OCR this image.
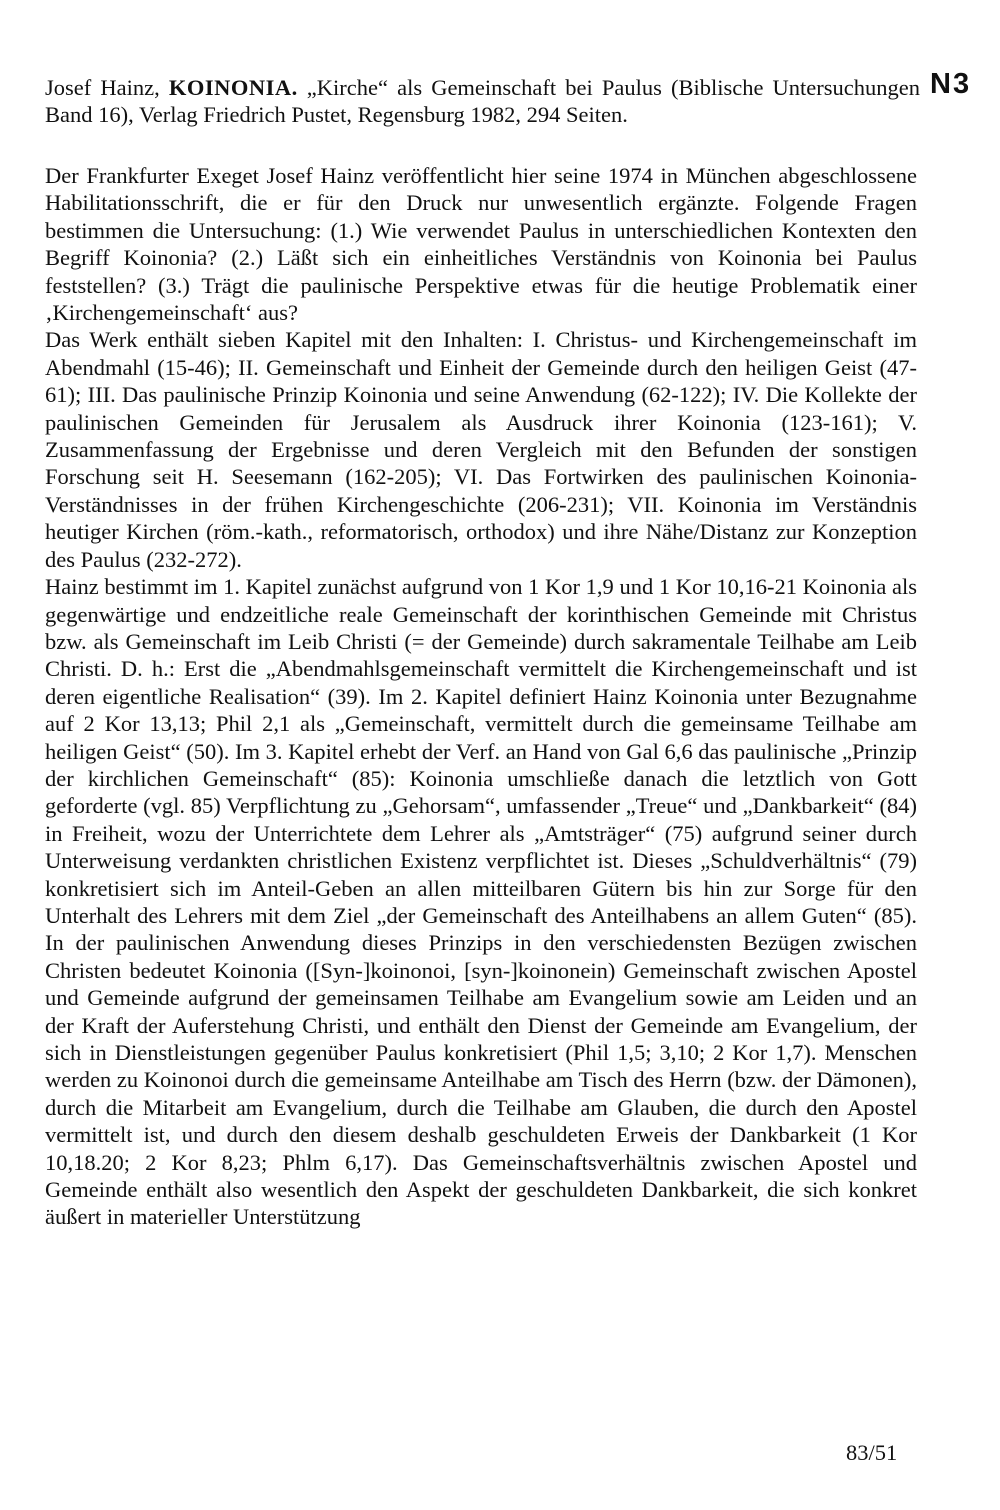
N3
Josef Hainz, KOINONIA. „Kirche“ als Gemeinschaft bei Paulus (Biblische Untersuchungen Band 16), Verlag Friedrich Pustet, Regensburg 1982, 294 Seiten.

Der Frankfurter Exeget Josef Hainz veröffentlicht hier seine 1974 in München abgeschlossene Habilitationsschrift, die er für den Druck nur unwesentlich ergänzte. Folgende Fragen bestimmen die Untersuchung: (1.) Wie verwendet Paulus in unterschiedlichen Kontexten den Begriff Koinonia? (2.) Läßt sich ein einheitliches Verständnis von Koinonia bei Paulus feststellen? (3.) Trägt die paulinische Perspektive etwas für die heutige Problematik einer ‚Kirchengemeinschaft‘ aus?

Das Werk enthält sieben Kapitel mit den Inhalten: I. Christus- und Kirchengemeinschaft im Abendmahl (15-46); II. Gemeinschaft und Einheit der Gemeinde durch den heiligen Geist (47-61); III. Das paulinische Prinzip Koinonia und seine Anwendung (62-122); IV. Die Kollekte der paulinischen Gemeinden für Jerusalem als Ausdruck ihrer Koinonia (123-161); V. Zusammenfassung der Ergebnisse und deren Vergleich mit den Befunden der sonstigen Forschung seit H. Seesemann (162-205); VI. Das Fortwirken des paulinischen Koinonia-Verständnisses in der frühen Kirchengeschichte (206-231); VII. Koinonia im Verständnis heutiger Kirchen (röm.-kath., reformatorisch, orthodox) und ihre Nähe/Distanz zur Konzeption des Paulus (232-272).

Hainz bestimmt im 1. Kapitel zunächst aufgrund von 1 Kor 1,9 und 1 Kor 10,16-21 Koinonia als gegenwärtige und endzeitliche reale Gemeinschaft der korinthischen Gemeinde mit Christus bzw. als Gemeinschaft im Leib Christi (= der Gemeinde) durch sakramentale Teilhabe am Leib Christi. D. h.: Erst die „Abendmahlsgemeinschaft vermittelt die Kirchengemeinschaft und ist deren eigentliche Realisation“ (39). Im 2. Kapitel definiert Hainz Koinonia unter Bezugnahme auf 2 Kor 13,13; Phil 2,1 als „Gemeinschaft, vermittelt durch die gemeinsame Teilhabe am heiligen Geist“ (50). Im 3. Kapitel erhebt der Verf. an Hand von Gal 6,6 das paulinische „Prinzip der kirchlichen Gemeinschaft“ (85): Koinonia umschließe danach die letztlich von Gott geforderte (vgl. 85) Verpflichtung zu „Gehorsam“, umfassender „Treue“ und „Dankbarkeit“ (84) in Freiheit, wozu der Unterrichtete dem Lehrer als „Amtsträger“ (75) aufgrund seiner durch Unterweisung verdankten christlichen Existenz verpflichtet ist. Dieses „Schuldverhältnis“ (79) konkretisiert sich im Anteil-Geben an allen mitteilbaren Gütern bis hin zur Sorge für den Unterhalt des Lehrers mit dem Ziel „der Gemeinschaft des Anteilhabens an allem Guten“ (85). In der paulinischen Anwendung dieses Prinzips in den verschiedensten Bezügen zwischen Christen bedeutet Koinonia ([Syn-]koinonoi, [syn-]koinonein) Gemeinschaft zwischen Apostel und Gemeinde aufgrund der gemeinsamen Teilhabe am Evangelium sowie am Leiden und an der Kraft der Auferstehung Christi, und enthält den Dienst der Gemeinde am Evangelium, der sich in Dienstleistungen gegenüber Paulus konkretisiert (Phil 1,5; 3,10; 2 Kor 1,7). Menschen werden zu Koinonoi durch die gemeinsame Anteilhabe am Tisch des Herrn (bzw. der Dämonen), durch die Mitarbeit am Evangelium, durch die Teilhabe am Glauben, die durch den Apostel vermittelt ist, und durch den diesem deshalb geschuldeten Erweis der Dankbarkeit (1 Kor 10,18.20; 2 Kor 8,23; Phlm 6,17). Das Gemeinschaftsverhältnis zwischen Apostel und Gemeinde enthält also wesentlich den Aspekt der geschuldeten Dankbarkeit, die sich konkret äußert in materieller Unterstützung

83/51
